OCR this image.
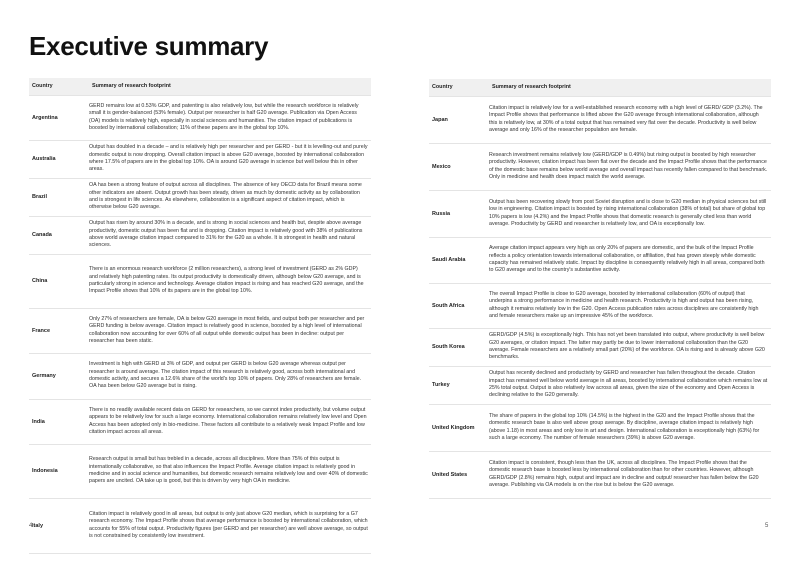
Executive summary
Country	Summary of research footprint
Argentina	GERD remains low at 0.53% GDP, and patenting is also relatively low, but while the research workforce is relatively small it is gender-balanced (53% female). Output per researcher is half G20 average. Publication via Open Access (OA) models is relatively high, especially in social sciences and humanities. The citation impact of publications is boosted by international collaboration; 11% of these papers are in the global top 10%.
Australia	Output has doubled in a decade – and is relatively high per researcher and per GERD - but it is levelling-out and purely domestic output is now dropping. Overall citation impact is above G20 average, boosted by international collaboration where 17.5% of papers are in the global top 10%. OA is around G20 average in science but well below this in other areas.
Brazil	OA has been a strong feature of output across all disciplines. The absence of key OECD data for Brazil means some other indicators are absent. Output growth has been steady, driven as much by domestic activity as by collaboration and is strongest in life sciences. As elsewhere, collaboration is a significant aspect of citation impact, which is otherwise below G20 average.
Canada	Output has risen by around 30% in a decade, and is strong in social sciences and health but, despite above average productivity, domestic output has been flat and is dropping. Citation impact is relatively good with 38% of publications above world average citation impact compared to 31% for the G20 as a whole. It is strongest in health and natural sciences.
China	There is an enormous research workforce (2 million researchers), a strong level of investment (GERD as 2% GDP) and relatively high patenting rates. Its output productivity is domestically driven, although below G20 average, and is particularly strong in science and technology. Average citation impact is rising and has reached G20 average, and the Impact Profile shows that 10% of its papers are in the global top 10%.
France	Only 27% of researchers are female, OA is below G20 average in most fields, and output both per researcher and per GERD funding is below average. Citation impact is relatively good in science, boosted by a high level of international collaboration now accounting for over 60% of all output while domestic output has been in decline: output per researcher has been static.
Germany	Investment is high with GERD at 3% of GDP, and output per GERD is below G20 average whereas output per researcher is around average. The citation impact of this research is relatively good, across both international and domestic activity, and secures a 12.6% share of the world's top 10% of papers. Only 28% of researchers are female. OA has been below G20 average but is rising.
India	There is no readily available recent data on GERD for researchers, so we cannot index productivity, but volume output appears to be relatively low for such a large economy. International collaboration remains relatively low level and Open Access has been adopted only in bio-medicine. These factors all contribute to a relatively weak Impact Profile and low citation impact across all areas.
Indonesia	Research output is small but has trebled in a decade, across all disciplines. More than 75% of this output is internationally collaborative, so that also influences the Impact Profile. Average citation impact is relatively good in medicine and in social science and humanities, but domestic research remains relatively low and over 40% of domestic papers are uncited. OA take up is good, but this is driven by very high OA in medicine.
Italy	Citation impact is relatively good in all areas, but output is only just above G20 median, which is surprising for a G7 research economy. The Impact Profile shows that average performance is boosted by international collaboration, which accounts for 55% of total output. Productivity figures (per GERD and per researcher) are well above average, so output is not constrained by consistently low investment.
Country	Summary of research footprint
Japan	Citation impact is relatively low for a well-established research economy with a high level of GERD/ GDP (3.2%). The Impact Profile shows that performance is lifted above the G20 average through international collaboration, although this is relatively low, at 30% of a total output that has remained very flat over the decade. Productivity is well below average and only 16% of the researcher population are female.
Mexico	Research investment remains relatively low (GERD/GDP is 0.49%) but rising output is boosted by high researcher productivity. However, citation impact has been flat over the decade and the Impact Profile shows that the performance of the domestic base remains below world average and overall impact has recently fallen compared to that benchmark. Only in medicine and health does impact match the world average.
Russia	Output has been recovering slowly from post Soviet disruption and is close to G20 median in physical sciences but still low in engineering. Citation impact is boosted by rising international collaboration (38% of total) but share of global top 10% papers is low (4.2%) and the Impact Profile shows that domestic research is generally cited less than world average. Productivity by GERD and researcher is relatively low, and OA is exceptionally low.
Saudi Arabia	Average citation impact appears very high as only 20% of papers are domestic, and the bulk of the Impact Profile reflects a policy orientation towards international collaboration, or affiliation, that has grown steeply while domestic capacity has remained relatively static. Impact by discipline is consequently relatively high in all areas, compared both to G20 average and to the country's substantive activity.
South Africa	The overall Impact Profile is close to G20 average, boosted by international collaboration (60% of output) that underpins a strong performance in medicine and health research. Productivity is high and output has been rising, although it remains relatively low in the G20. Open Access publication rates across disciplines are consistently high and female researchers make up an impressive 45% of the workforce.
South Korea	GERD/GDP (4.5%) is exceptionally high. This has not yet been translated into output, where productivity is well below G20 averages, or citation impact. The latter may partly be due to lower international collaboration than the G20 average. Female researchers are a relatively small part (20%) of the workforce. OA is rising and is already above G20 benchmarks.
Turkey	Output has recently declined and productivity by GERD and researcher has fallen throughout the decade. Citation impact has remained well below world average in all areas, boosted by international collaboration which remains low at 25% total output. Output is also relatively low across all areas, given the size of the economy and Open Access is declining relative to the G20 generally.
United Kingdom	The share of papers in the global top 10% (14.5%) is the highest in the G20 and the Impact Profile shows that the domestic research base is also well above group average. By discipline, average citation impact is relatively high (above 1.18) in most areas and only low in art and design. International collaboration is exceptionally high (63%) for such a large economy. The number of female researchers (39%) is above G20 average.
United States	Citation impact is consistent, though less than the UK, across all disciplines. The Impact Profile shows that the domestic research base is boosted less by international collaboration than for other countries. However, although GERD/GDP (2.8%) remains high, output and impact are in decline and output/ researcher has fallen below the G20 average. Publishing via OA models is on the rise but is below the G20 average.
4	5
